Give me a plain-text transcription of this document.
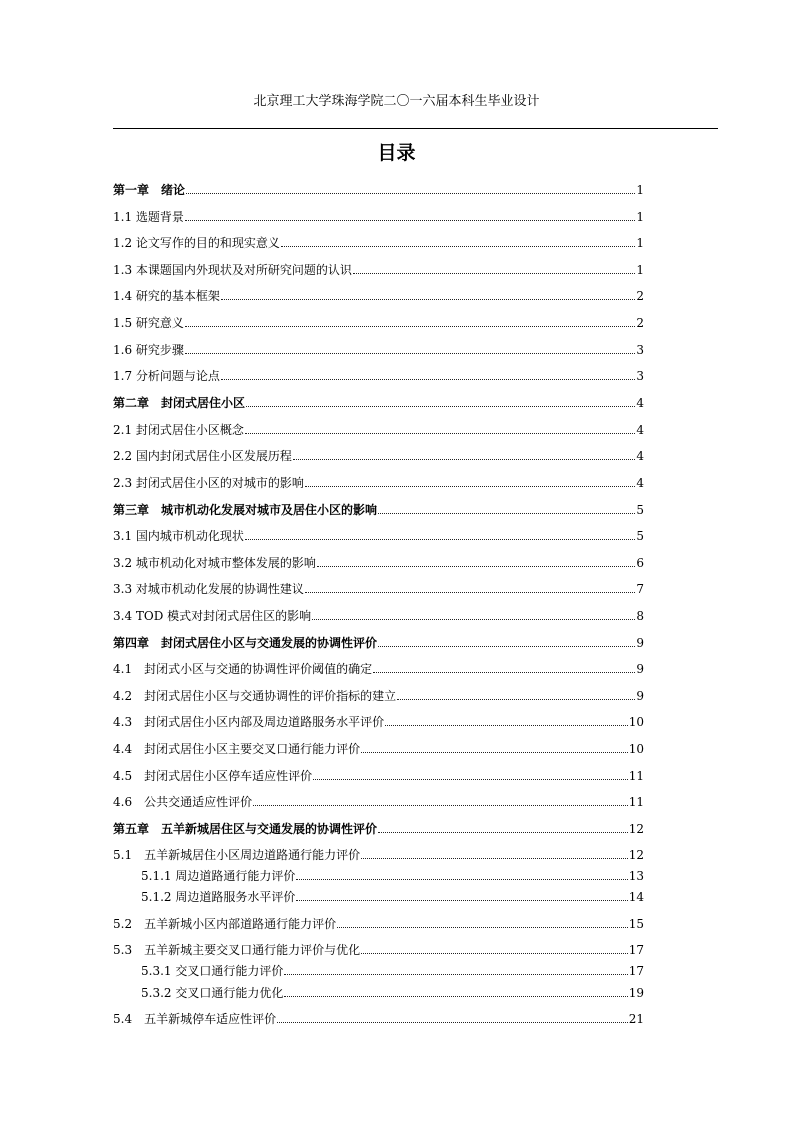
北京理工大学珠海学院二〇一六届本科生毕业设计
目录
第一章　绪论	1
1.1 选题背景	1
1.2 论文写作的目的和现实意义	1
1.3 本课题国内外现状及对所研究问题的认识	1
1.4 研究的基本框架	2
1.5 研究意义	2
1.6 研究步骤	3
1.7 分析问题与论点	3
第二章　封闭式居住小区	4
2.1 封闭式居住小区概念	4
2.2 国内封闭式居住小区发展历程	4
2.3 封闭式居住小区的对城市的影响	4
第三章　城市机动化发展对城市及居住小区的影响	5
3.1 国内城市机动化现状	5
3.2 城市机动化对城市整体发展的影响	6
3.3 对城市机动化发展的协调性建议	7
3.4 TOD 模式对封闭式居住区的影响	8
第四章　封闭式居住小区与交通发展的协调性评价	9
4.1　封闭式小区与交通的协调性评价阈值的确定	9
4.2　封闭式居住小区与交通协调性的评价指标的建立	9
4.3　封闭式居住小区内部及周边道路服务水平评价	10
4.4　封闭式居住小区主要交叉口通行能力评价	10
4.5　封闭式居住小区停车适应性评价	11
4.6　公共交通适应性评价	11
第五章　五羊新城居住区与交通发展的协调性评价	12
5.1　五羊新城居住小区周边道路通行能力评价	12
5.1.1 周边道路通行能力评价	13
5.1.2 周边道路服务水平评价	14
5.2　五羊新城小区内部道路通行能力评价	15
5.3　五羊新城主要交叉口通行能力评价与优化	17
5.3.1 交叉口通行能力评价	17
5.3.2 交叉口通行能力优化	19
5.4　五羊新城停车适应性评价	21
